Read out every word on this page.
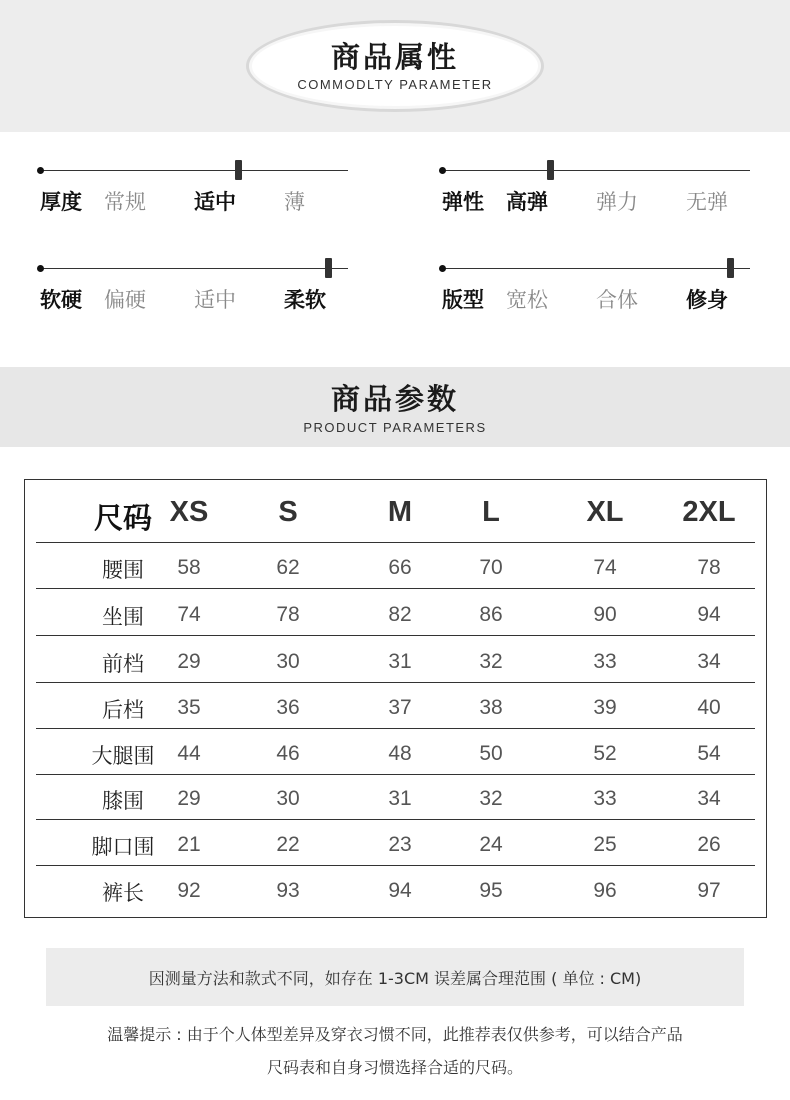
商品属性
COMMODLTY PARAMETER
厚度 常规 适中 薄	弹性 高弹 弹力 无弹
软硬 偏硬 适中 柔软	版型 宽松 合体 修身
商品参数
PRODUCT PARAMETERS
尺码 XS S	M L	XL 2XL
腰围 58	62	66	70	74	78
坐围 74	78	82	86	90	94
前档 29	30	31	32	33	34
后档 35	36	37	38	39	40
大腿围 44	46	48	50	52	54
膝围 29	30	31	32	33	34
脚口围 21	22	23	24	25	26
裤长 92	93	94	95	96	97
因测量方法和款式不同，如存在 1-3CM 误差属合理范围 ( 单位 : CM)
温馨提示 : 由于个人体型差异及穿衣习惯不同，此推荐表仅供参考，可以结合产品
尺码表和自身习惯选择合适的尺码。
